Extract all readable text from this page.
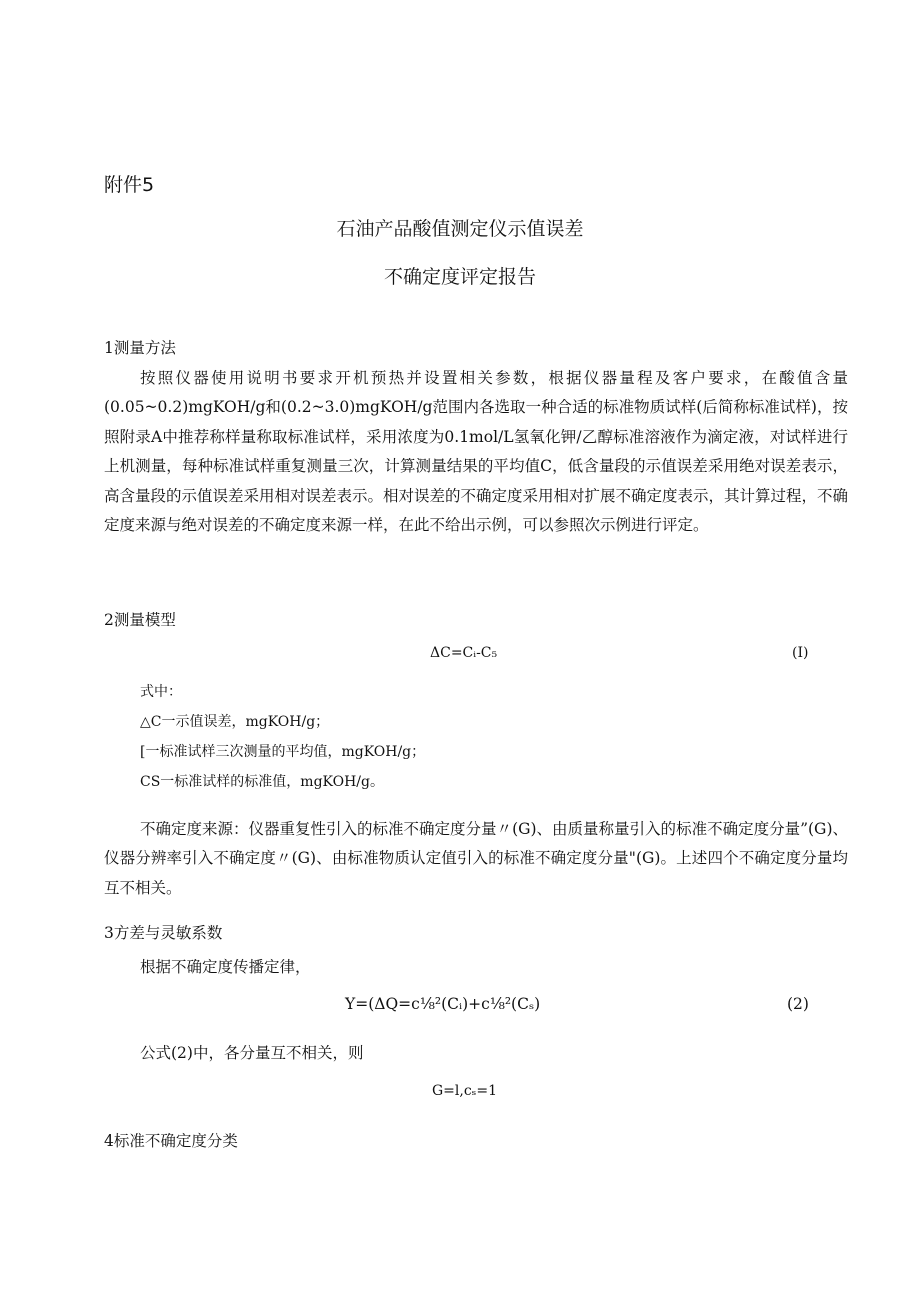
附件5
石油产品酸值测定仪示值误差
不确定度评定报告
1测量方法
按照仪器使用说明书要求开机预热并设置相关参数，根据仪器量程及客户要求，在酸值含量(0.05~0.2)mgKOH/g和(0.2~3.0)mgKOH/g范围内各选取一种合适的标准物质试样(后简称标准试样)，按照附录A中推荐称样量称取标准试样，采用浓度为0.1mol/L氢氧化钾/乙醇标准溶液作为滴定液，对试样进行上机测量，每种标准试样重复测量三次，计算测量结果的平均值C，低含量段的示值误差采用绝对误差表示，高含量段的示值误差采用相对误差表示。相对误差的不确定度采用相对扩展不确定度表示，其计算过程，不确定度来源与绝对误差的不确定度来源一样，在此不给出示例，可以参照次示例进行评定。
2测量模型
ΔC=Cᵢ-C₅	(I)
式中：
△C一示值误差，mgKOH/g；
[一标准试样三次测量的平均值，mgKOH/g；
CS一标准试样的标准值，mgKOH/g。
不确定度来源：仪器重复性引入的标准不确定度分量〃(G)、由质量称量引入的标准不确定度分量”(G)、仪器分辨率引入不确定度〃(G)、由标准物质认定值引入的标准不确定度分量"(G)。上述四个不确定度分量均互不相关。
3方差与灵敏系数
根据不确定度传播定律，
Y=(ΔQ=c⅛²(Cᵢ)+c⅛²(Cₛ)	(2)
公式(2)中，各分量互不相关，则
G=l,cₛ=1
4标准不确定度分类
